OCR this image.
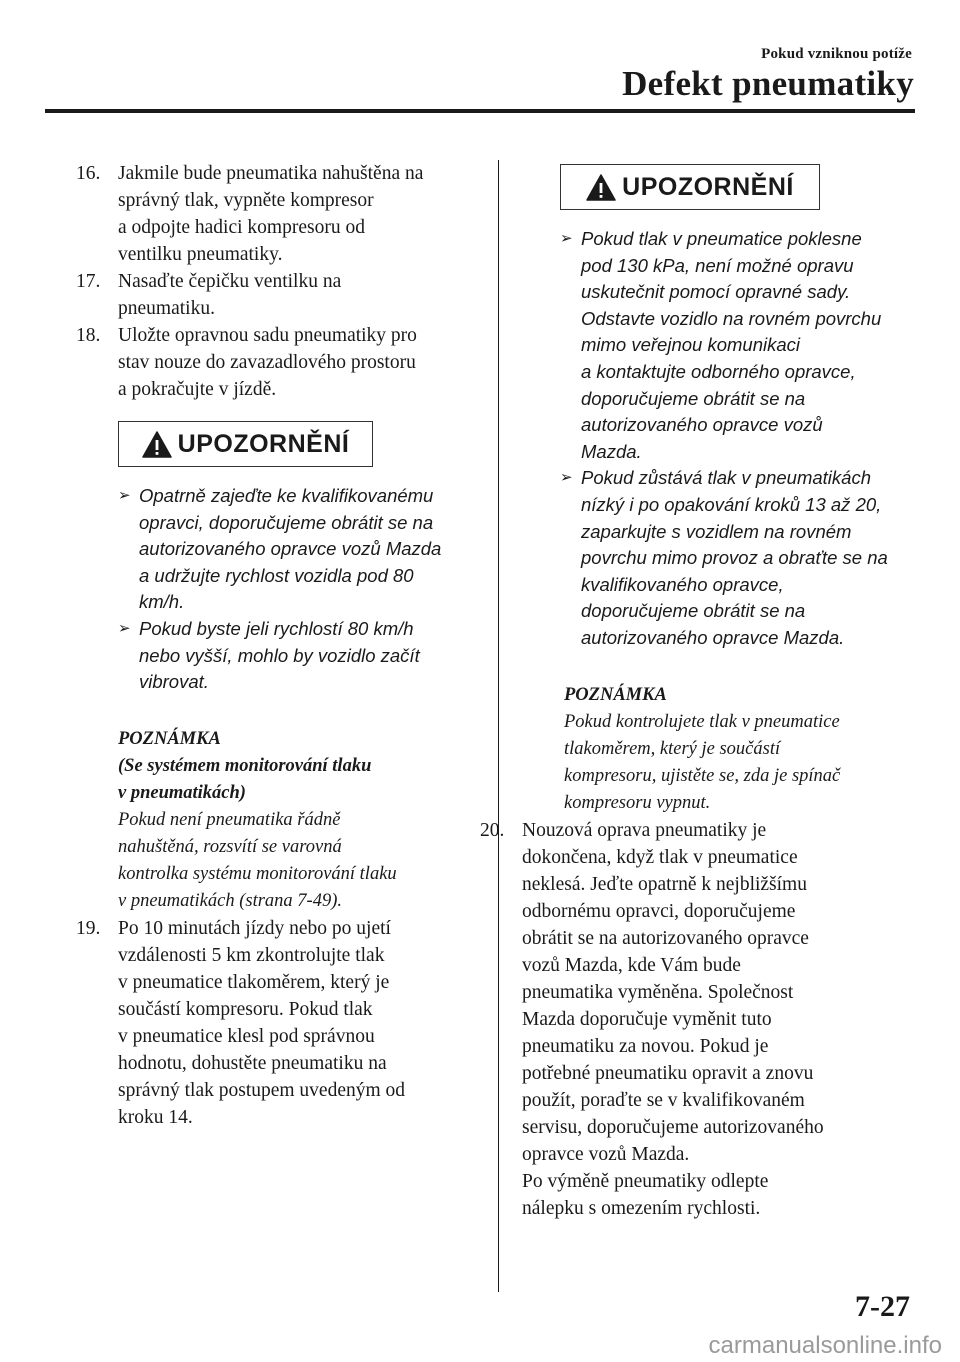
Pokud vzniknou potíže
Defekt pneumatiky
16. Jakmile bude pneumatika nahuštěna na
správný tlak, vypněte kompresor
a odpojte hadici kompresoru od
ventilku pneumatiky.
17. Nasaďte čepičku ventilku na
pneumatiku.
18. Uložte opravnou sadu pneumatiky pro
stav nouze do zavazadlového prostoru
a pokračujte v jízdě.
UPOZORNĚNÍ
➢ Opatrně zajeďte ke kvalifikovanému
opravci, doporučujeme obrátit se na
autorizovaného opravce vozů Mazda
a udržujte rychlost vozidla pod 80
km/h.
➢ Pokud byste jeli rychlostí 80 km/h
nebo vyšší, mohlo by vozidlo začít
vibrovat.
POZNÁMKA
(Se systémem monitorování tlaku
v pneumatikách)
Pokud není pneumatika řádně
nahuštěná, rozsvítí se varovná
kontrolka systému monitorování tlaku
v pneumatikách (strana 7-49).
19. Po 10 minutách jízdy nebo po ujetí
vzdálenosti 5 km zkontrolujte tlak
v pneumatice tlakoměrem, který je
součástí kompresoru. Pokud tlak
v pneumatice klesl pod správnou
hodnotu, dohustěte pneumatiku na
správný tlak postupem uvedeným od
kroku 14.
UPOZORNĚNÍ
➢ Pokud tlak v pneumatice poklesne
pod 130 kPa, není možné opravu
uskutečnit pomocí opravné sady.
Odstavte vozidlo na rovném povrchu
mimo veřejnou komunikaci
a kontaktujte odborného opravce,
doporučujeme obrátit se na
autorizovaného opravce vozů
Mazda.
➢ Pokud zůstává tlak v pneumatikách
nízký i po opakování kroků 13 až 20,
zaparkujte s vozidlem na rovném
povrchu mimo provoz a obraťte se na
kvalifikovaného opravce,
doporučujeme obrátit se na
autorizovaného opravce Mazda.
POZNÁMKA
Pokud kontrolujete tlak v pneumatice
tlakoměrem, který je součástí
kompresoru, ujistěte se, zda je spínač
kompresoru vypnut.
20. Nouzová oprava pneumatiky je
dokončena, když tlak v pneumatice
neklesá. Jeďte opatrně k nejbližšímu
odbornému opravci, doporučujeme
obrátit se na autorizovaného opravce
vozů Mazda, kde Vám bude
pneumatika vyměněna. Společnost
Mazda doporučuje vyměnit tuto
pneumatiku za novou. Pokud je
potřebné pneumatiku opravit a znovu
použít, poraďte se v kvalifikovaném
servisu, doporučujeme autorizovaného
opravce vozů Mazda.
Po výměně pneumatiky odlepte
nálepku s omezením rychlosti.
7-27
carmanualsonline.info
